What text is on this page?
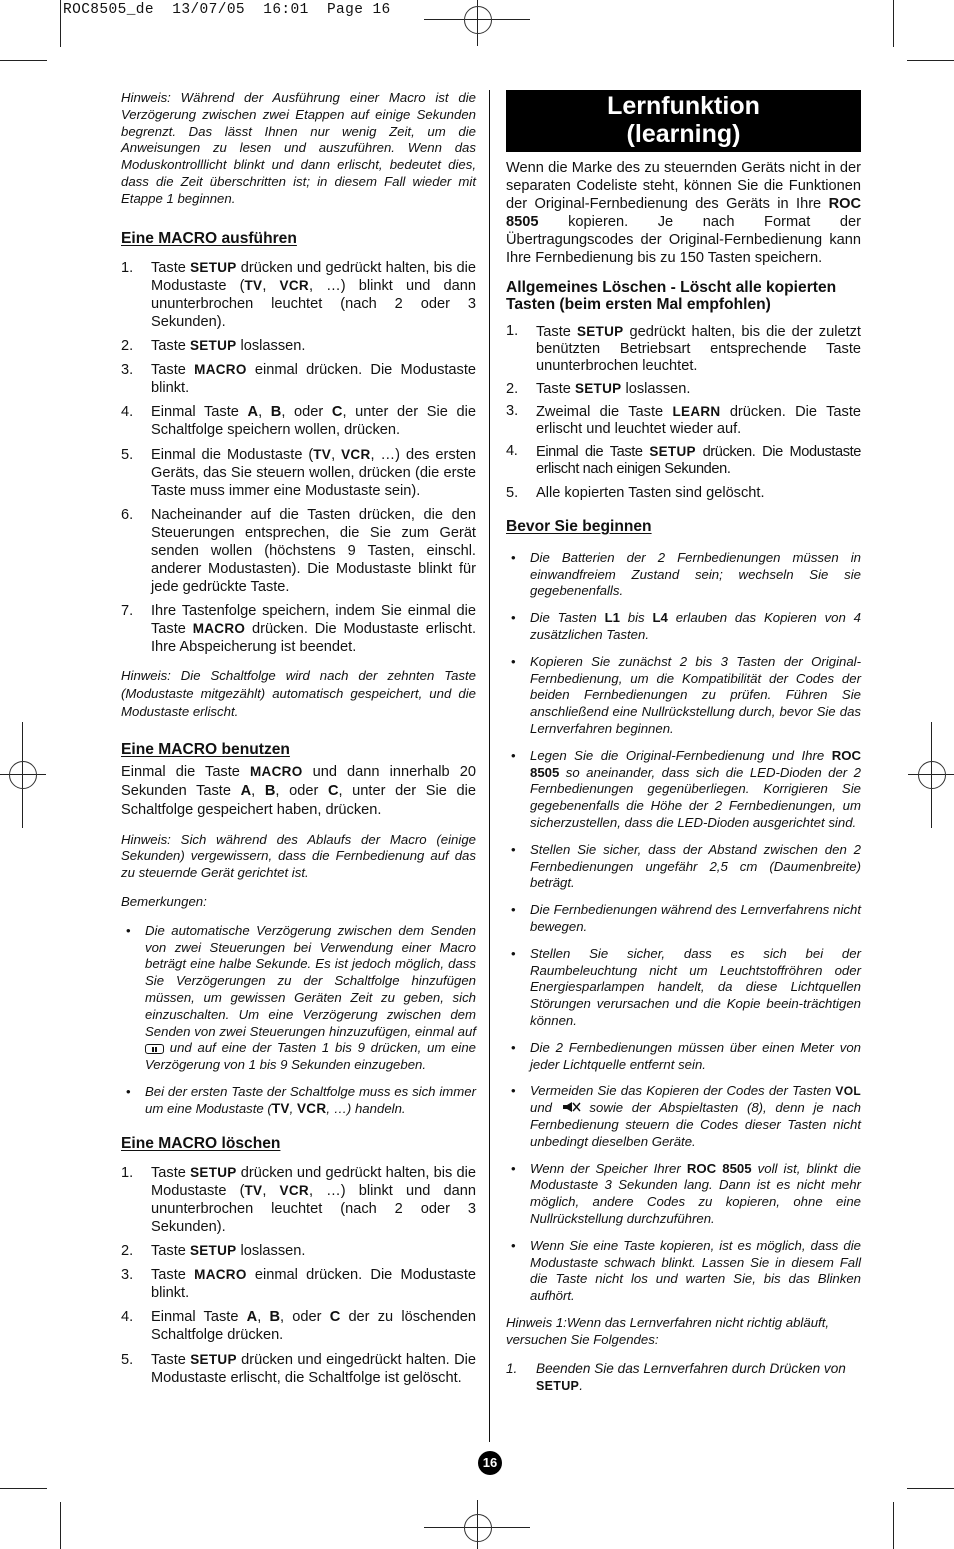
ROC8505_de  13/07/05  16:01  Page 16

Hinweis: Während der Ausführung einer Macro ist die Verzögerung zwischen zwei Etappen auf einige Sekunden begrenzt. Das lässt Ihnen nur wenig Zeit, um die Anweisungen zu lesen und auszuführen. Wenn das Moduskontrolllicht blinkt und dann erlischt, bedeutet dies, dass die Zeit überschritten ist; in diesem Fall wieder mit Etappe 1 beginnen.

Eine MACRO ausführen
1. Taste SETUP drücken und gedrückt halten, bis die Modustaste (TV, VCR, …) blinkt und dann ununterbrochen leuchtet (nach 2 oder 3 Sekunden).
2. Taste SETUP loslassen.
3. Taste MACRO einmal drücken. Die Modustaste blinkt.
4. Einmal Taste A, B, oder C, unter der Sie die Schaltfolge speichern wollen, drücken.
5. Einmal die Modustaste (TV, VCR, …) des ersten Geräts, das Sie steuern wollen, drücken (die erste Taste muss immer eine Modustaste sein).
6. Nacheinander auf die Tasten drücken, die den Steuerungen entsprechen, die Sie zum Gerät senden wollen (höchstens 9 Tasten, einschl. anderer Modustasten). Die Modustaste blinkt für jede gedrückte Taste.
7. Ihre Tastenfolge speichern, indem Sie einmal die Taste MACRO drücken. Die Modustaste erlischt. Ihre Abspeicherung ist beendet.

Hinweis: Die Schaltfolge wird nach der zehnten Taste (Modustaste mitgezählt) automatisch gespeichert, und die Modustaste erlischt.

Eine MACRO benutzen

Einmal die Taste MACRO und dann innerhalb 20 Sekunden Taste A, B, oder C, unter der Sie die Schaltfolge gespeichert haben, drücken.

Hinweis: Sich während des Ablaufs der Macro (einige Sekunden) vergewissern, dass die Fernbedienung auf das zu steuernde Gerät gerichtet ist.

Bemerkungen:

• Die automatische Verzögerung zwischen dem Senden von zwei Steuerungen bei Verwendung einer Macro beträgt eine halbe Sekunde. Es ist jedoch möglich, dass Sie Verzögerungen zu der Schaltfolge hinzufügen müssen, um gewissen Geräten Zeit zu geben, sich einzuschalten. Um eine Verzögerung zwischen dem Senden von zwei Steuerungen hinzuzufügen, einmal auf  und auf eine der Tasten 1 bis 9 drücken, um eine Verzögerung von 1 bis 9 Sekunden einzugeben.
• Bei der ersten Taste der Schaltfolge muss es sich immer um eine Modustaste (TV, VCR, …) handeln.
Eine MACRO löschen
1. Taste SETUP drücken und gedrückt halten, bis die Modustaste (TV, VCR, …) blinkt und dann ununterbrochen leuchtet (nach 2 oder 3 Sekunden).
2. Taste SETUP loslassen.
3. Taste MACRO einmal drücken. Die Modustaste blinkt.
4. Einmal Taste A, B, oder C der zu löschenden Schaltfolge drücken.
5. Taste SETUP drücken und eingedrückt halten. Die Modustaste erlischt, die Schaltfolge ist gelöscht.
Lernfunktion
(learning)

Wenn die Marke des zu steuernden Geräts nicht in der separaten Codeliste steht, können Sie die Funktionen der Original-Fernbedienung des Geräts in Ihre ROC 8505 kopieren. Je nach Format der Übertragungscodes der Original-Fernbedienung kann Ihre Fernbedienung bis zu 150 Tasten speichern.

Allgemeines Löschen - Löscht alle kopierten Tasten (beim ersten Mal empfohlen)
1. Taste SETUP gedrückt halten, bis die der zuletzt benützten Betriebsart entsprechende Taste ununterbrochen leuchtet.
2. Taste SETUP loslassen.
3. Zweimal die Taste LEARN drücken. Die Taste erlischt und leuchtet wieder auf.
4. Einmal die Taste SETUP drücken. Die Modustaste erlischt nach einigen Sekunden.
5. Alle kopierten Tasten sind gelöscht.
Bevor Sie beginnen
• Die Batterien der 2 Fernbedienungen müssen in einwandfreiem Zustand sein; wechseln Sie sie gegebenenfalls.
• Die Tasten L1 bis L4 erlauben das Kopieren von 4 zusätzlichen Tasten.
• Kopieren Sie zunächst 2 bis 3 Tasten der Original-Fernbedienung, um die Kompatibilität der Codes der beiden Fernbedienungen zu prüfen. Führen Sie anschließend eine Nullrückstellung durch, bevor Sie das Lernverfahren beginnen.
• Legen Sie die Original-Fernbedienung und Ihre ROC 8505 so aneinander, dass sich die LED-Dioden der 2 Fernbedienungen gegenüberliegen. Korrigieren Sie gegebenenfalls die Höhe der 2 Fernbedienungen, um sicherzustellen, dass die LED-Dioden ausgerichtet sind.
• Stellen Sie sicher, dass der Abstand zwischen den 2 Fernbedienungen ungefähr 2,5 cm (Daumenbreite) beträgt.
• Die Fernbedienungen während des Lernverfahrens nicht bewegen.
• Stellen Sie sicher, dass es sich bei der Raumbeleuchtung nicht um Leuchtstoffröhren oder Energiesparlampen handelt, da diese Lichtquellen Störungen verursachen und die Kopie beein-trächtigen können.
• Die 2 Fernbedienungen müssen über einen Meter von jeder Lichtquelle entfernt sein.
• Vermeiden Sie das Kopieren der Codes der Tasten VOL und  sowie der Abspieltasten (8), denn je nach Fernbedienung steuern die Codes dieser Tasten nicht unbedingt dieselben Geräte.
• Wenn der Speicher Ihrer ROC 8505 voll ist, blinkt die Modustaste 3 Sekunden lang. Dann ist es nicht mehr möglich, andere Codes zu kopieren, ohne eine Nullrückstellung durchzuführen.
• Wenn Sie eine Taste kopieren, ist es möglich, dass die Modustaste schwach blinkt. Lassen Sie in diesem Fall die Taste nicht los und warten Sie, bis das Blinken aufhört.

Hinweis 1:Wenn das Lernverfahren nicht richtig abläuft, versuchen Sie Folgendes:

1. Beenden Sie das Lernverfahren durch Drücken von SETUP.
16
